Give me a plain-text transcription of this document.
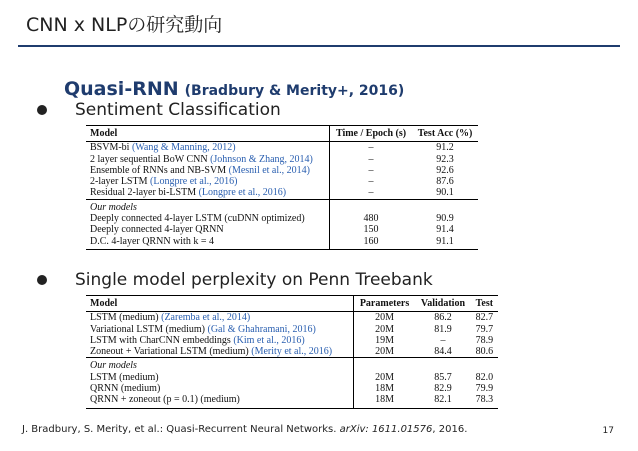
CNN x NLPの研究動向
Quasi-RNN (Bradbury & Merity+, 2016)
Sentiment Classification
Model	Time / Epoch (s)	Test Acc (%)
BSVM-bi (Wang & Manning, 2012)	–	91.2
2 layer sequential BoW CNN (Johnson & Zhang, 2014)	–	92.3
Ensemble of RNNs and NB-SVM (Mesnil et al., 2014)	–	92.6
2-layer LSTM (Longpre et al., 2016)	–	87.6
Residual 2-layer bi-LSTM (Longpre et al., 2016)	–	90.1
Our models		
Deeply connected 4-layer LSTM (cuDNN optimized)	480	90.9
Deeply connected 4-layer QRNN	150	91.4
D.C. 4-layer QRNN with k = 4	160	91.1
Single model perplexity on Penn Treebank
Model	Parameters	Validation	Test
LSTM (medium) (Zaremba et al., 2014)	20M	86.2	82.7
Variational LSTM (medium) (Gal & Ghahramani, 2016)	20M	81.9	79.7
LSTM with CharCNN embeddings (Kim et al., 2016)	19M	–	78.9
Zoneout + Variational LSTM (medium) (Merity et al., 2016)	20M	84.4	80.6
Our models			
LSTM (medium)	20M	85.7	82.0
QRNN (medium)	18M	82.9	79.9
QRNN + zoneout (p = 0.1) (medium)	18M	82.1	78.3
J. Bradbury, S. Merity, et al.: Quasi-Recurrent Neural Networks. arXiv: 1611.01576, 2016.	17
